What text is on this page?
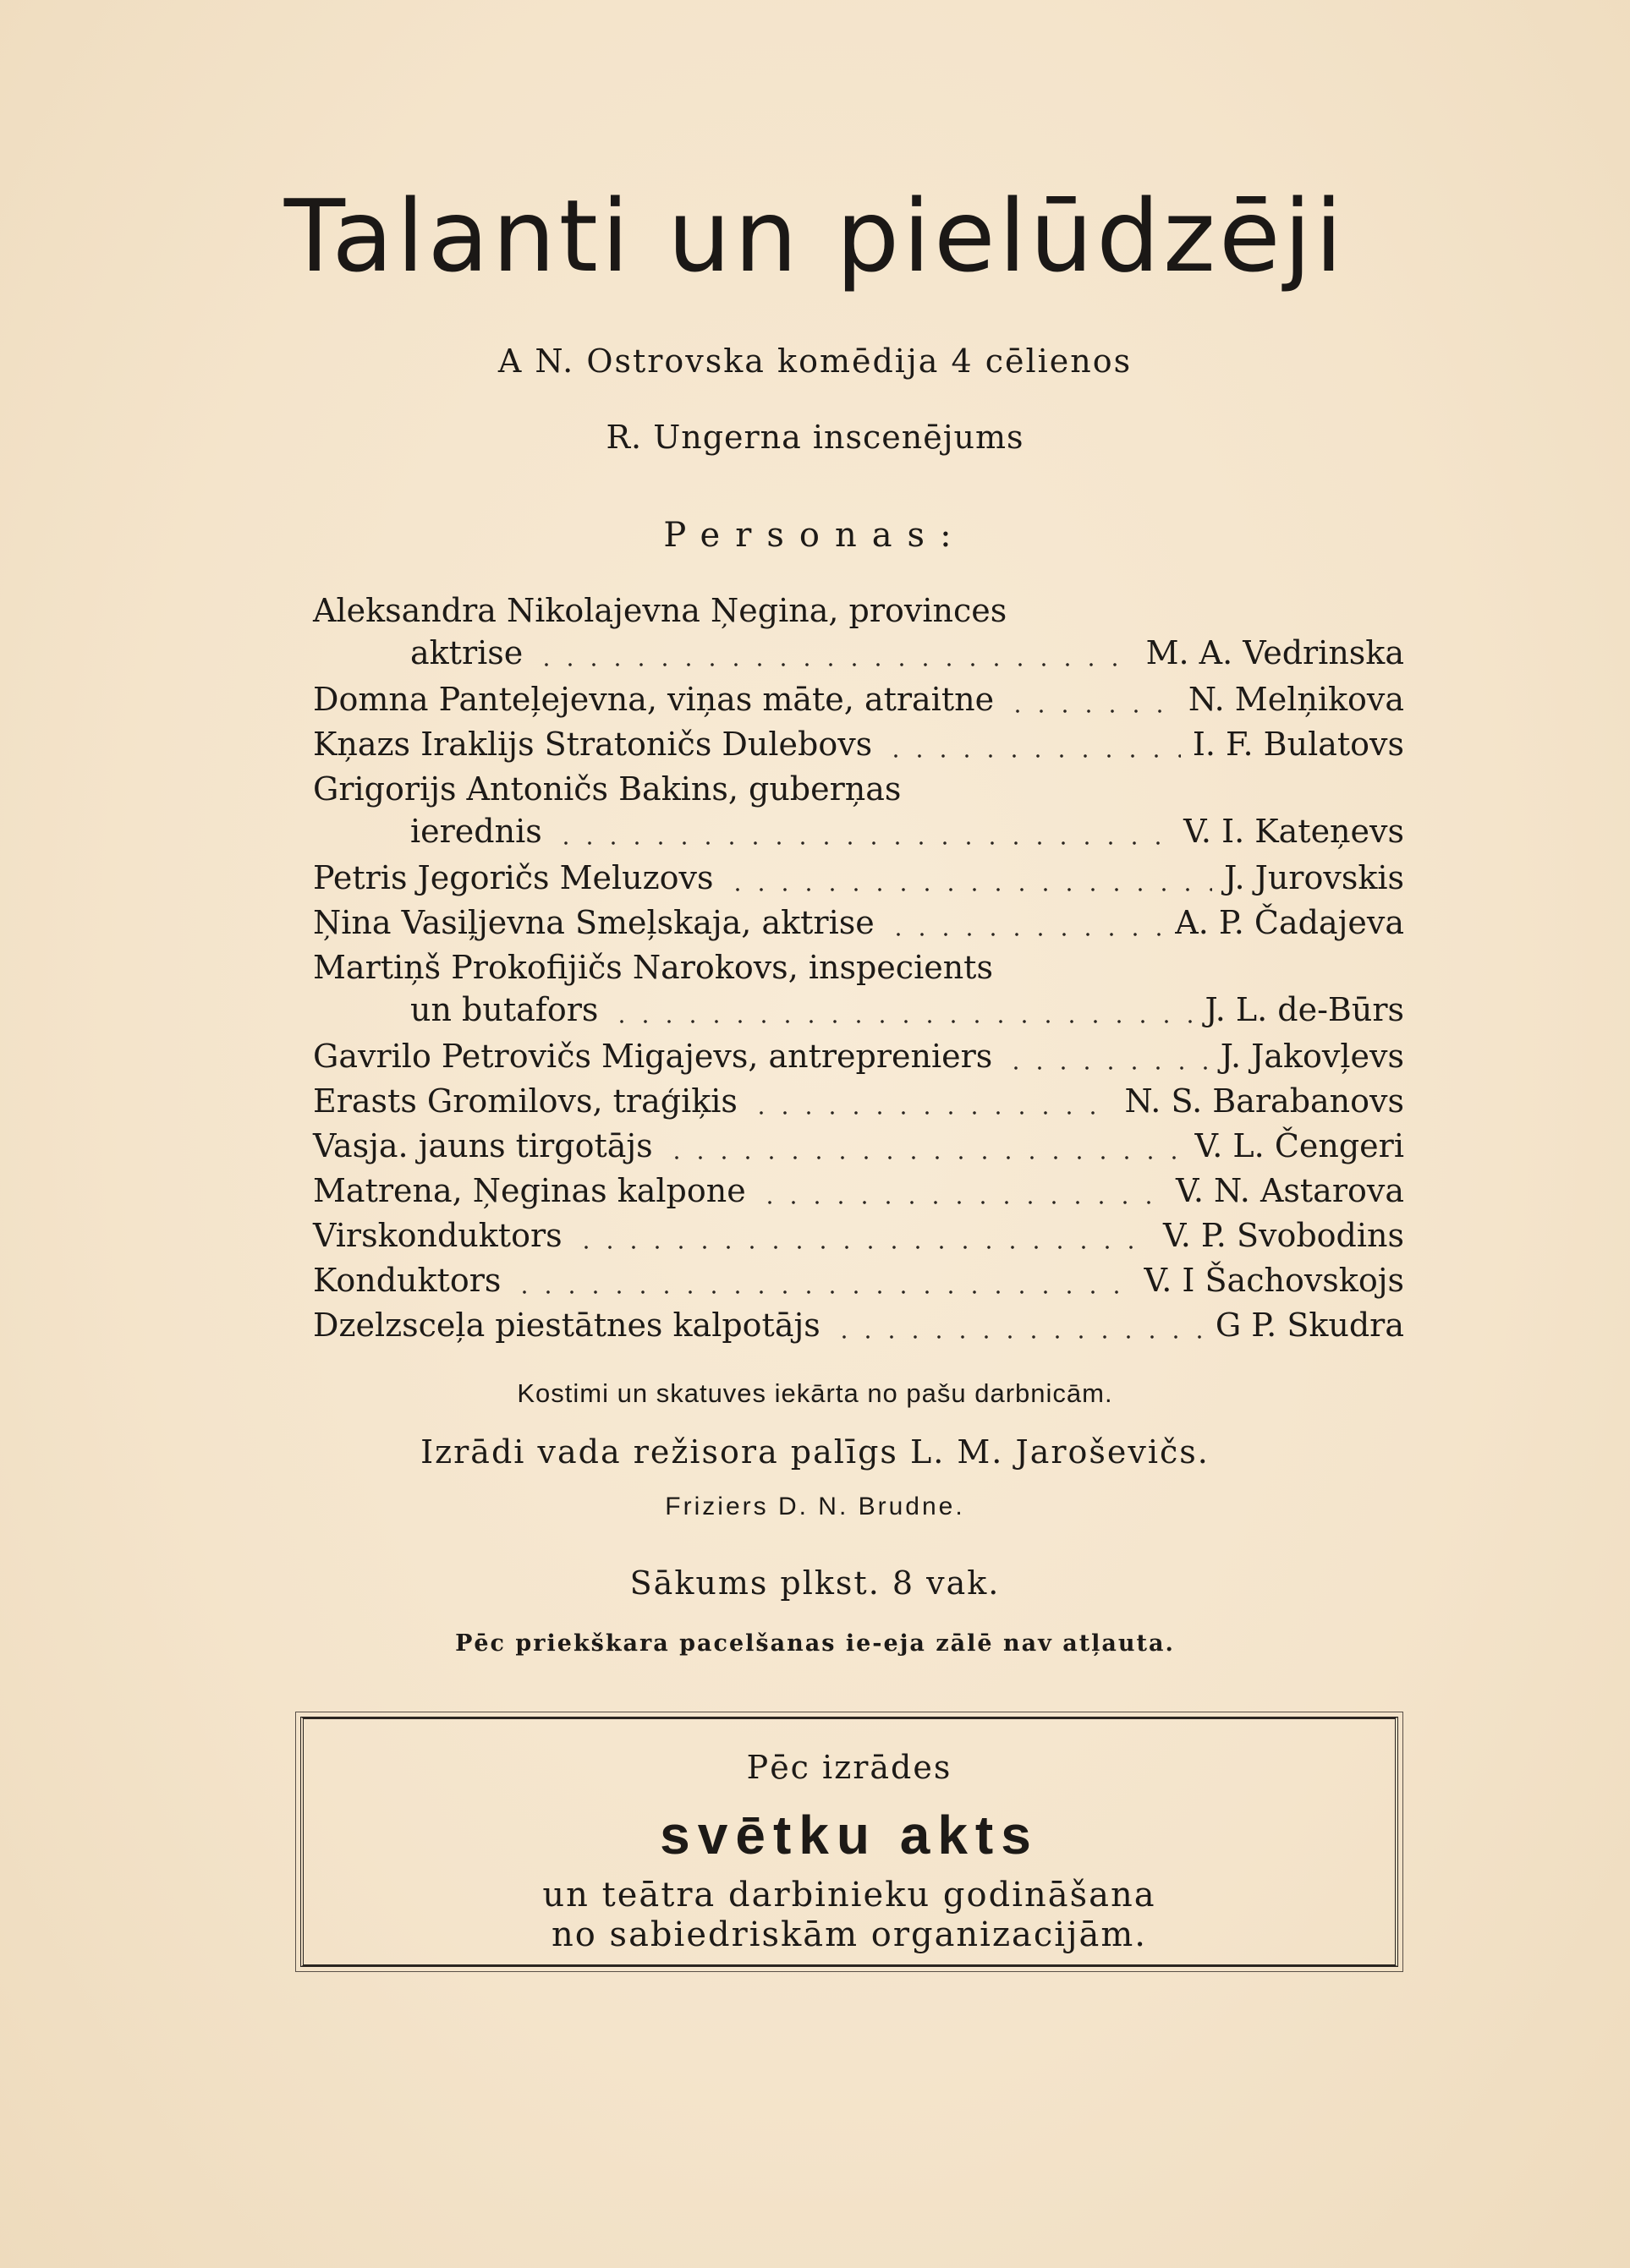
Talanti un pielūdzēji
A N. Ostrovska komēdija 4 cēlienos
R. Ungerna inscenējums
Personas:
Aleksandra Nikolajevna Ņegina, provinces
aktrise	M. A. Vedrinska
Domna Panteļejevna, viņas māte, atraitne	N. Melņikova
Kņazs Iraklijs Stratoničs Dulebovs	I. F. Bulatovs
Grigorijs Antoničs Bakins, guberņas
ierednis	V. I. Kateņevs
Petris Jegoričs Meluzovs	J. Jurovskis
Ņina Vasiļjevna Smeļskaja, aktrise	A. P. Čadajeva
Martiņš Prokofijičs Narokovs, inspecients
un butafors	J. L. de-Būrs
Gavrilo Petrovičs Migajevs, antrepreniers	J. Jakovļevs
Erasts Gromilovs, traģiķis	N. S. Barabanovs
Vasja. jauns tirgotājs	V. L. Čengeri
Matrena, Ņeginas kalpone	V. N. Astarova
Virskonduktors	V. P. Svobodins
Konduktors	V. I Šachovskojs
Dzelzsceļa piestātnes kalpotājs	G P. Skudra
Kostimi un skatuves iekārta no pašu darbnicām.
Izrādi vada režisora palīgs L. M. Jaroševičs.
Friziers D. N. Brudne.
Sākums plkst. 8 vak.
Pēc priekškara pacelšanas ie-eja zālē nav atļauta.
Pēc izrādes
svētku akts
un teātra darbinieku godināšana
no sabiedriskām organizacijām.
